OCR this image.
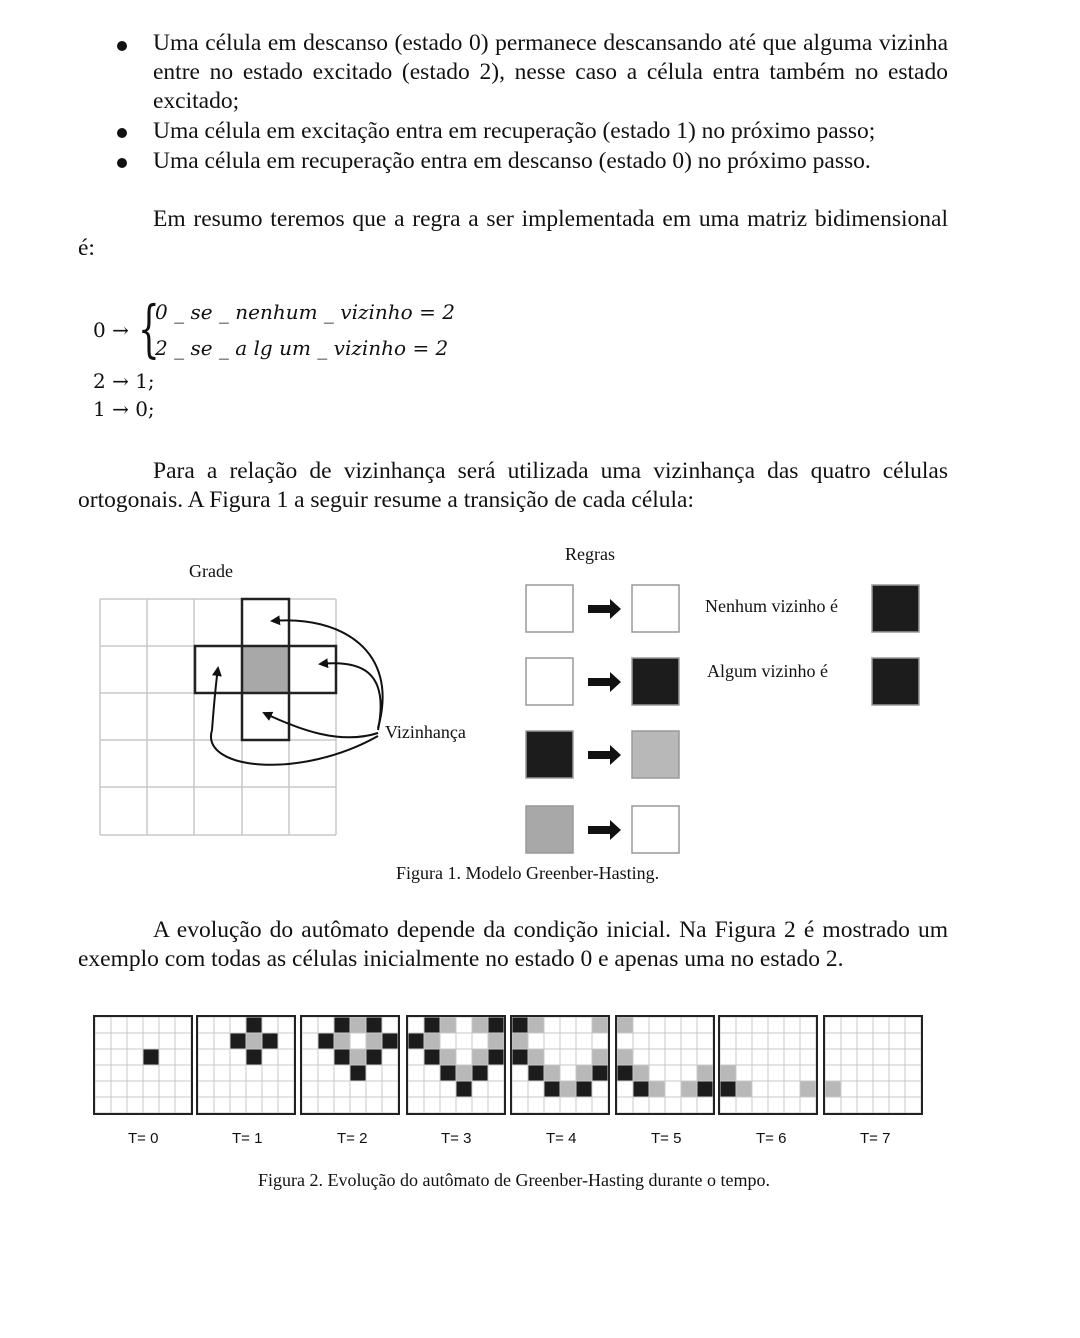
Uma célula em descanso (estado 0) permanece descansando até que alguma vizinha entre no estado excitado (estado 2), nesse caso a célula entra também no estado excitado;
Uma célula em excitação entra em recuperação (estado 1) no próximo passo;
Uma célula em recuperação entra em descanso (estado 0) no próximo passo.
Em resumo teremos que a regra a ser implementada em uma matriz bidimensional é:
0 → {
0 _ se _ nenhum _ vizinho = 2
2 _ se _ a lg um _ vizinho = 2
2 → 1;
1 → 0;
Para a relação de vizinhança será utilizada uma vizinhança das quatro células ortogonais. A Figura 1 a seguir resume a transição de cada célula:
Grade
Regras
Vizinhança
Nenhum vizinho é
Algum vizinho é
Figura 1. Modelo Greenber-Hasting.
A evolução do autômato depende da condição inicial. Na Figura 2 é mostrado um exemplo com todas as células inicialmente no estado 0 e apenas uma no estado 2.
T= 0	T= 1	T= 2	T= 3	T= 4	T= 5	T= 6	T= 7
Figura 2. Evolução do autômato de Greenber-Hasting durante o tempo.
